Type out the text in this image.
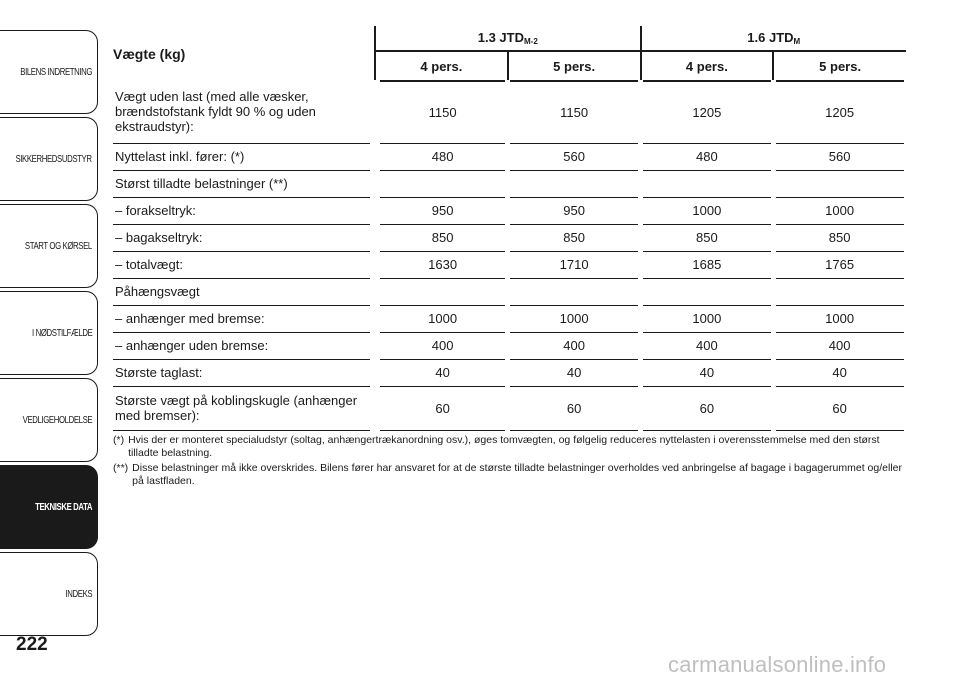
BILENS INDRETNING
SIKKERHEDSUDSTYR
START OG KØRSEL
I NØDSTILFÆLDE
VEDLIGEHOLDELSE
TEKNISKE DATA
INDEKS
222
Vægte (kg)	1.3 $JTD_{M-2}$		1.6 $JTD_M$
	4 pers.	5 pers.	4 pers.	5 pers.
Vægt uden last (med alle væsker, brændstofstank fyldt 90 % og uden ekstraudstyr):	1150	1150	1205	1205
Nyttelast inkl. fører: (*)	480	560	480	560
Størst tilladte belastninger (**)				
– forakseltryk:	950	950	1000	1000
– bagakseltryk:	850	850	850	850
– totalvægt:	1630	1710	1685	1765
Påhængsvægt				
– anhænger med bremse:	1000	1000	1000	1000
– anhænger uden bremse:	400	400	400	400
Største taglast:	40	40	40	40
Største vægt på koblingskugle (anhænger med bremser):	60	60	60	60
(*) Hvis der er monteret specialudstyr (soltag, anhængertrækanordning osv.), øges tomvægten, og følgelig reduceres nyttelasten i overensstemmelse med den størst tilladte belastning.
(**) Disse belastninger må ikke overskrides. Bilens fører har ansvaret for at de største tilladte belastninger overholdes ved anbringelse af bagage i bagagerummet og/eller på lastfladen.
carmanualsonline.info
